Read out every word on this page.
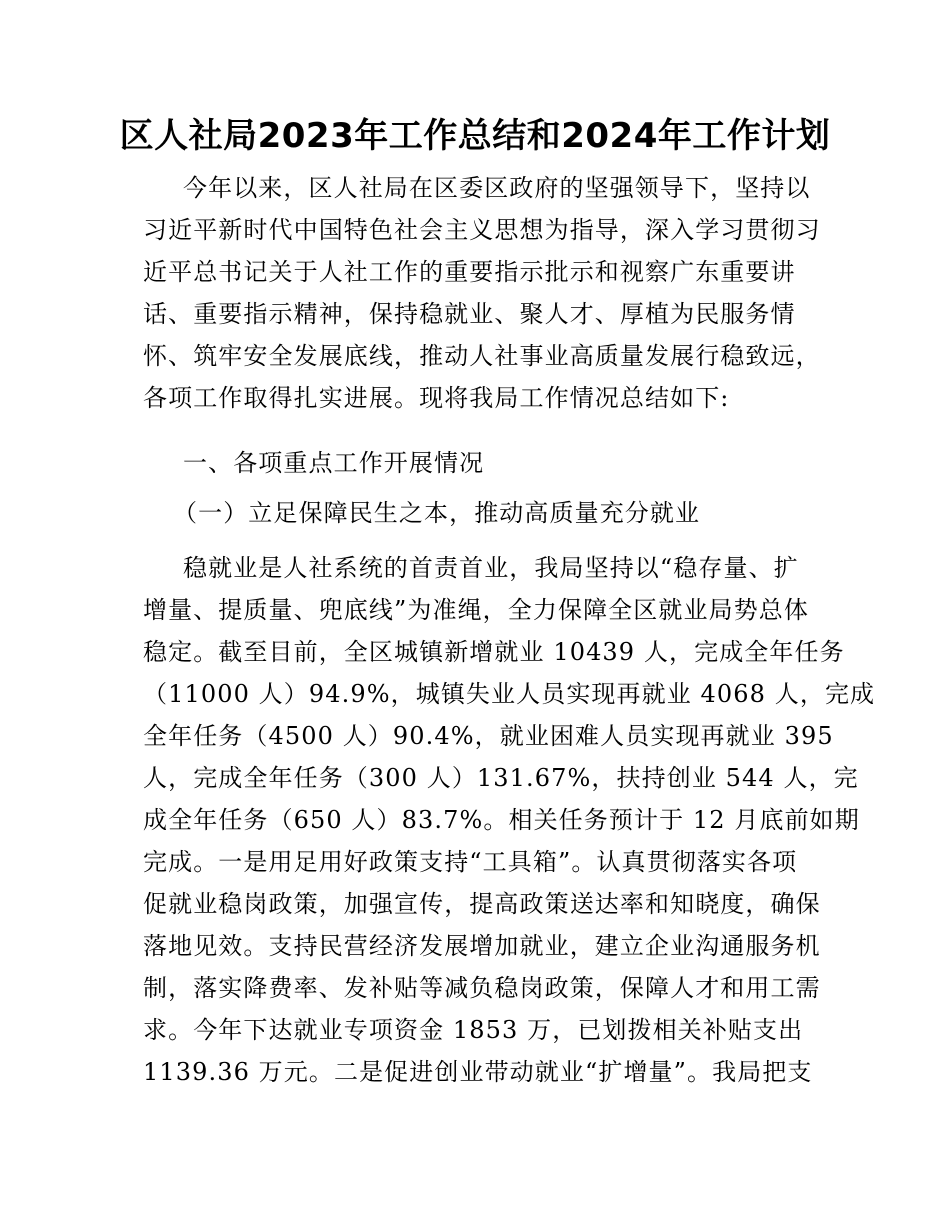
区人社局2023年工作总结和2024年工作计划
今年以来，区人社局在区委区政府的坚强领导下，坚持以
习近平新时代中国特色社会主义思想为指导，深入学习贯彻习
近平总书记关于人社工作的重要指示批示和视察广东重要讲
话、重要指示精神，保持稳就业、聚人才、厚植为民服务情
怀、筑牢安全发展底线，推动人社事业高质量发展行稳致远，
各项工作取得扎实进展。现将我局工作情况总结如下:
一、各项重点工作开展情况
（一）立足保障民生之本，推动高质量充分就业
稳就业是人社系统的首责首业，我局坚持以“稳存量、扩
增量、提质量、兜底线”为准绳，全力保障全区就业局势总体
稳定。截至目前，全区城镇新增就业 10439 人，完成全年任务
（11000 人）94.9%，城镇失业人员实现再就业 4068 人，完成
全年任务（4500 人）90.4%，就业困难人员实现再就业 395
人，完成全年任务（300 人）131.67%，扶持创业 544 人，完
成全年任务（650 人）83.7%。相关任务预计于 12 月底前如期
完成。一是用足用好政策支持“工具箱”。认真贯彻落实各项
促就业稳岗政策，加强宣传，提高政策送达率和知晓度，确保
落地见效。支持民营经济发展增加就业，建立企业沟通服务机
制，落实降费率、发补贴等减负稳岗政策，保障人才和用工需
求。今年下达就业专项资金 1853 万，已划拨相关补贴支出
1139.36 万元。二是促进创业带动就业“扩增量”。我局把支
